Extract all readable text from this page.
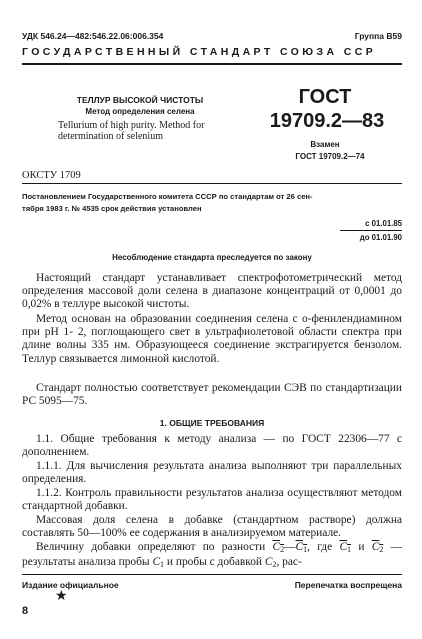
УДК 546.24—482:546.22.06:006.354	Группа В59
ГОСУДАРСТВЕННЫЙ СТАНДАРТ СОЮЗА ССР
ТЕЛЛУР ВЫСОКОЙ ЧИСТОТЫ
Метод определения селена
Tellurium of high purity. Method for
determination of selenium
ГОСТ
19709.2—83
Взамен
ГОСТ 19709.2—74
ОКСТУ 1709
Постановлением Государственного комитета СССР по стандартам от 26 сен-
тября 1983 г. № 4535 срок действия установлен
с 01.01.85
до 01.01.90
Несоблюдение стандарта преследуется по закону
Настоящий стандарт устанавливает спектрофотометрический метод определения массовой доли селена в диапазоне концентраций от 0,0001 до 0,02% в теллуре высокой чистоты.
Метод основан на образовании соединения селена с о-фенилендиамином при pH 1- 2, поглощающего свет в ультрафиолетовой области спектра при длине волны 335 нм. Образующееся соединение экстрагируется бензолом. Теллур связывается лимонной кислотой.
Стандарт полностью соответствует рекомендации СЭВ по стандартизации РС 5095—75.
1. ОБЩИЕ ТРЕБОВАНИЯ
1.1. Общие требования к методу анализа — по ГОСТ 22306—77 с дополнением.
1.1.1. Для вычисления результата анализа выполняют три параллельных определения.
1.1.2. Контроль правильности результатов анализа осуществляют методом стандартной добавки.
Массовая доля селена в добавке (стандартном растворе) должна составлять 50—100% ее содержания в анализируемом материале.
Величину добавки определяют по разности $C_2—C_1$, где $C_1$ и $C_2$ — результаты анализа пробы $C_1$ и пробы с добавкой $C_2$, рас-
Издание официальное	Перепечатка воспрещена
★
8
